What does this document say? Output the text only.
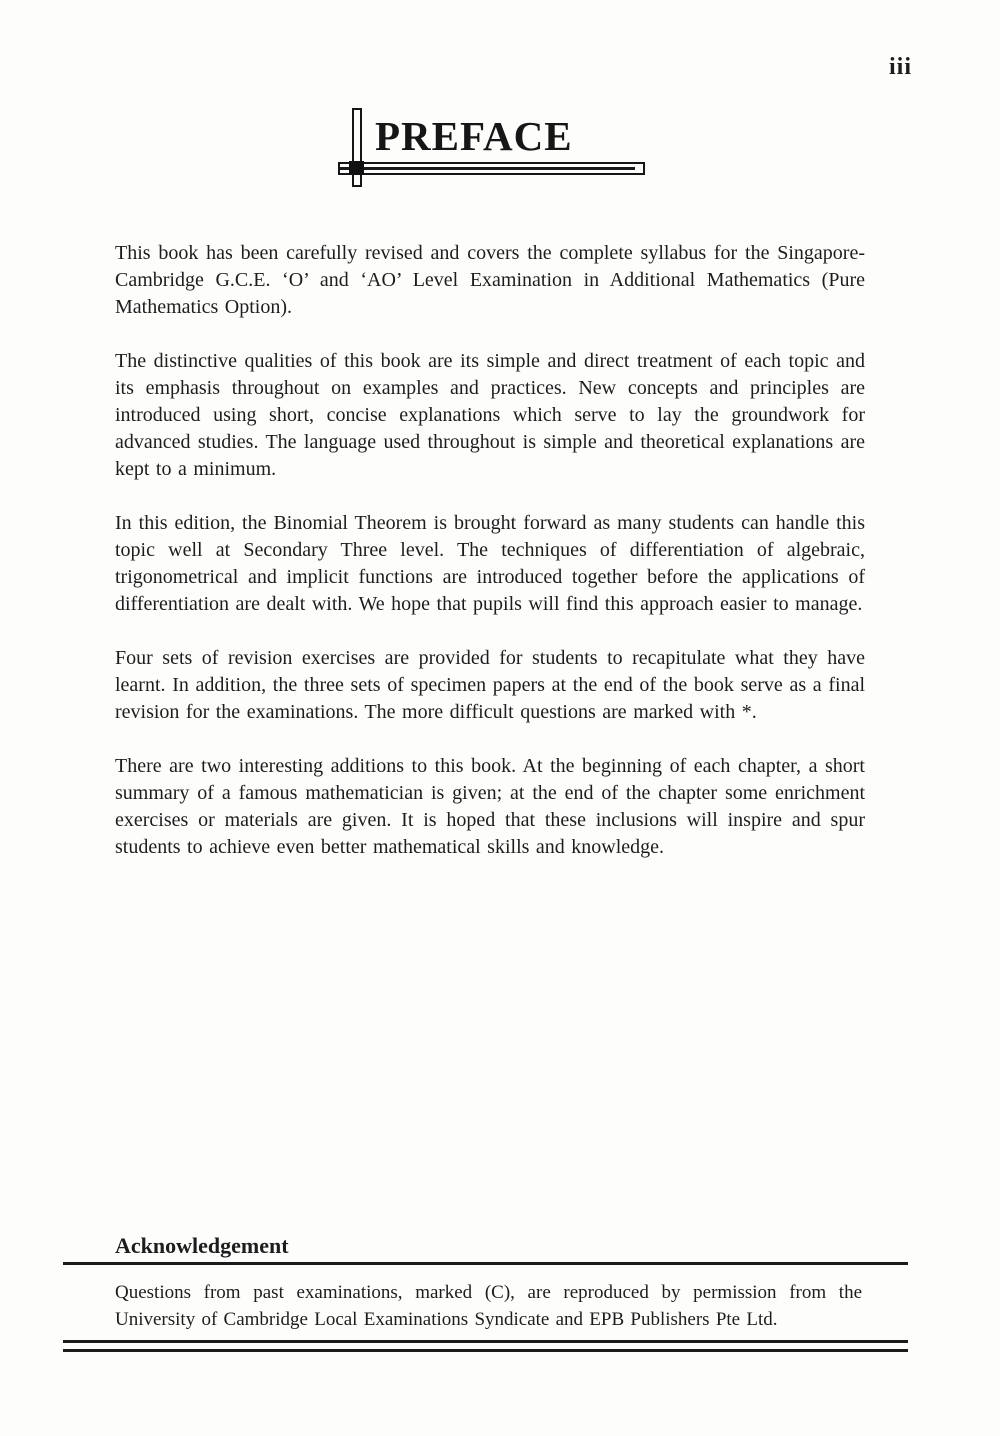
iii
PREFACE

This book has been carefully revised and covers the complete syllabus for the Singapore-Cambridge G.C.E. ‘O’ and ‘AO’ Level Examination in Additional Mathematics (Pure Mathematics Option).

The distinctive qualities of this book are its simple and direct treatment of each topic and its emphasis throughout on examples and practices. New concepts and principles are introduced using short, concise explanations which serve to lay the groundwork for advanced studies. The language used throughout is simple and theoretical explanations are kept to a minimum.

In this edition, the Binomial Theorem is brought forward as many students can handle this topic well at Secondary Three level. The techniques of differentiation of algebraic, trigonometrical and implicit functions are introduced together before the applications of differentiation are dealt with. We hope that pupils will find this approach easier to manage.

Four sets of revision exercises are provided for students to recapitulate what they have learnt. In addition, the three sets of specimen papers at the end of the book serve as a final revision for the examinations. The more difficult questions are marked with *.

There are two interesting additions to this book. At the beginning of each chapter, a short summary of a famous mathematician is given; at the end of the chapter some enrichment exercises or materials are given. It is hoped that these inclusions will inspire and spur students to achieve even better mathematical skills and knowledge.

Acknowledgement

Questions from past examinations, marked (C), are reproduced by permission from the University of Cambridge Local Examinations Syndicate and EPB Publishers Pte Ltd.
